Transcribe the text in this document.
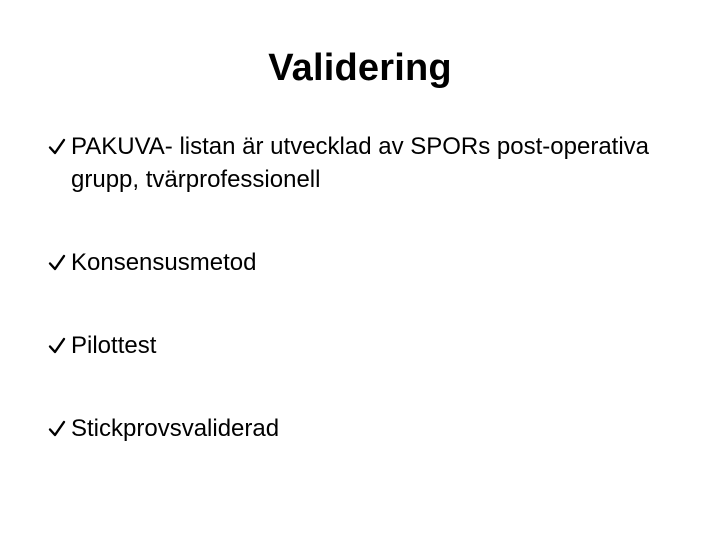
Validering
PAKUVA- listan är utvecklad av SPORs post-operativa grupp, tvärprofessionell
Konsensusmetod
Pilottest
Stickprovsvaliderad
